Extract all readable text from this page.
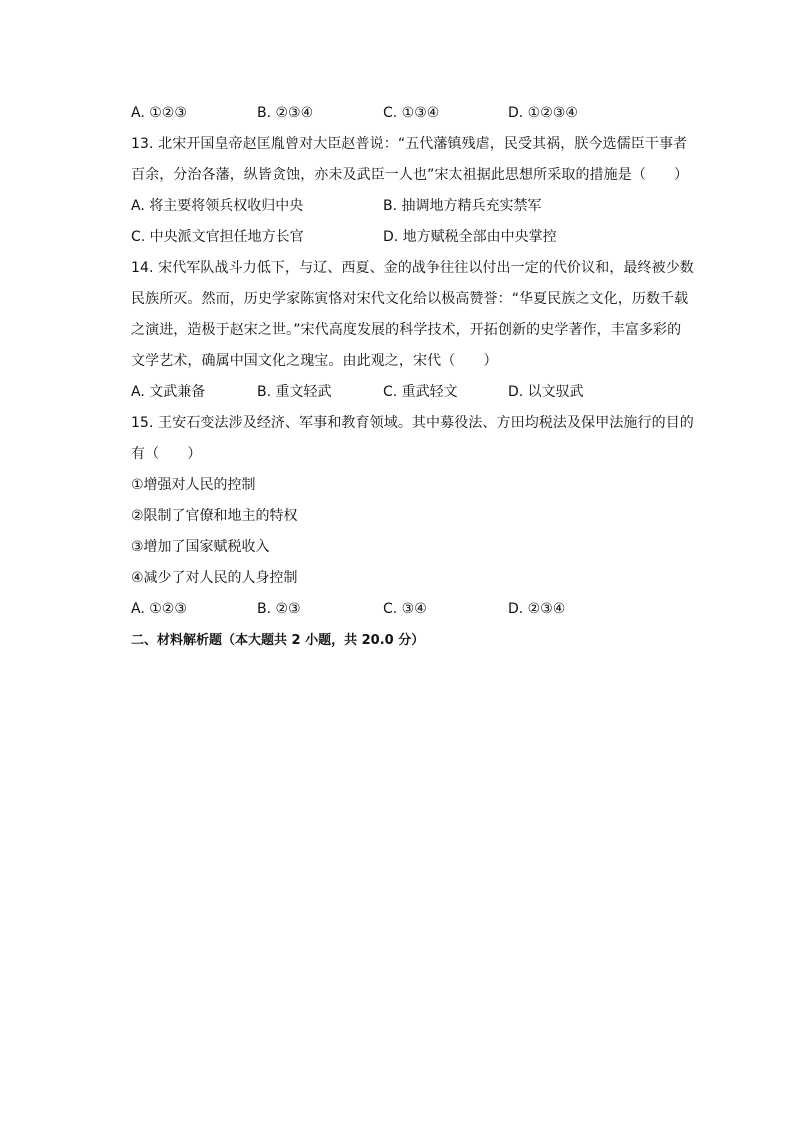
A. ①②③	B. ②③④	C. ①③④	D. ①②③④
13. 北宋开国皇帝赵匡胤曾对大臣赵普说：“五代藩镇残虐，民受其祸，朕今选儒臣干事者
百余，分治各藩，纵皆贪蚀，亦未及武臣一人也”宋太祖据此思想所采取的措施是（　　）
A. 将主要将领兵权收归中央	B. 抽调地方精兵充实禁军
C. 中央派文官担任地方长官	D. 地方赋税全部由中央掌控
14. 宋代军队战斗力低下，与辽、西夏、金的战争往往以付出一定的代价议和，最终被少数
民族所灭。然而，历史学家陈寅恪对宋代文化给以极高赞誉：“华夏民族之文化，历数千载
之演进，造极于赵宋之世。”宋代高度发展的科学技术，开拓创新的史学著作，丰富多彩的
文学艺术，确属中国文化之瑰宝。由此观之，宋代（　　）
A. 文武兼备	B. 重文轻武	C. 重武轻文	D. 以文驭武
15. 王安石变法涉及经济、军事和教育领域。其中募役法、方田均税法及保甲法施行的目的
有（　　）
①增强对人民的控制
②限制了官僚和地主的特权
③增加了国家赋税收入
④减少了对人民的人身控制
A. ①②③	B. ②③	C. ③④	D. ②③④
二、材料解析题（本大题共 2 小题，共 20.0 分）
